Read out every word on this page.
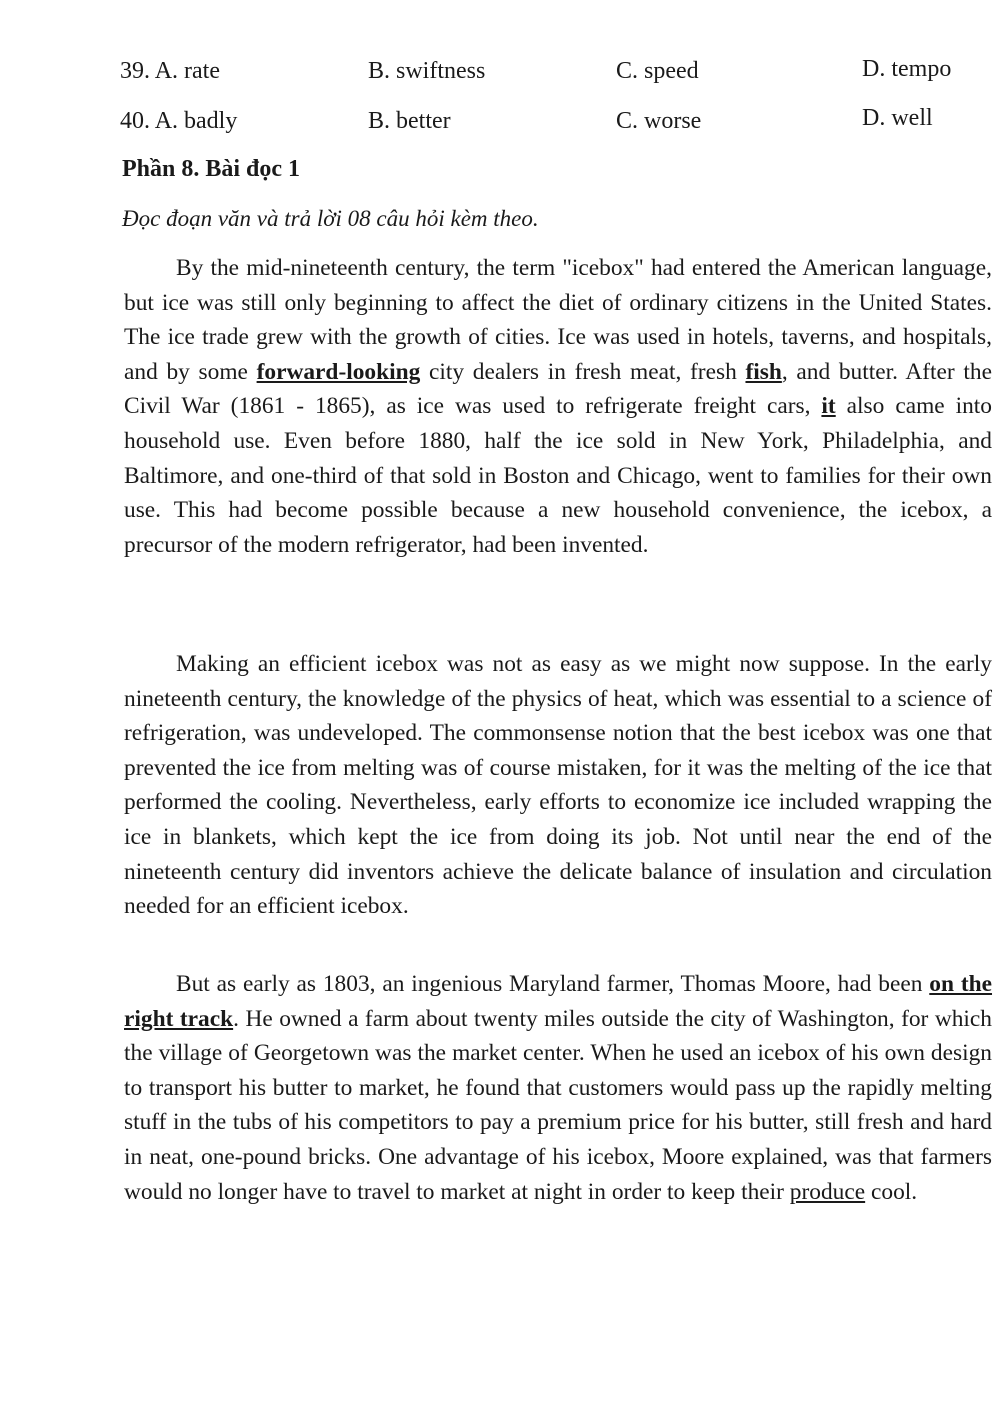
39. A. rate	B. swiftness	C. speed	D. tempo
40. A. badly	B. better	C. worse	D. well
Phần 8. Bài đọc 1
Đọc đoạn văn và trả lời 08 câu hỏi kèm theo.

By the mid-nineteenth century, the term "icebox" had entered the American language, but ice was still only beginning to affect the diet of ordinary citizens in the United States. The ice trade grew with the growth of cities. Ice was used in hotels, taverns, and hospitals, and by some forward-looking city dealers in fresh meat, fresh fish, and butter. After the Civil War (1861 - 1865), as ice was used to refrigerate freight cars, it also came into household use. Even before 1880, half the ice sold in New York, Philadelphia, and Baltimore, and one-third of that sold in Boston and Chicago, went to families for their own use. This had become possible because a new household convenience, the icebox, a precursor of the modern refrigerator, had been invented.

Making an efficient icebox was not as easy as we might now suppose. In the early nineteenth century, the knowledge of the physics of heat, which was essential to a science of refrigeration, was undeveloped. The commonsense notion that the best icebox was one that prevented the ice from melting was of course mistaken, for it was the melting of the ice that performed the cooling. Nevertheless, early efforts to economize ice included wrapping the ice in blankets, which kept the ice from doing its job. Not until near the end of the nineteenth century did inventors achieve the delicate balance of insulation and circulation needed for an efficient icebox.

But as early as 1803, an ingenious Maryland farmer, Thomas Moore, had been on the right track. He owned a farm about twenty miles outside the city of Washington, for which the village of Georgetown was the market center. When he used an icebox of his own design to transport his butter to market, he found that customers would pass up the rapidly melting stuff in the tubs of his competitors to pay a premium price for his butter, still fresh and hard in neat, one-pound bricks. One advantage of his icebox, Moore explained, was that farmers would no longer have to travel to market at night in order to keep their produce cool.
